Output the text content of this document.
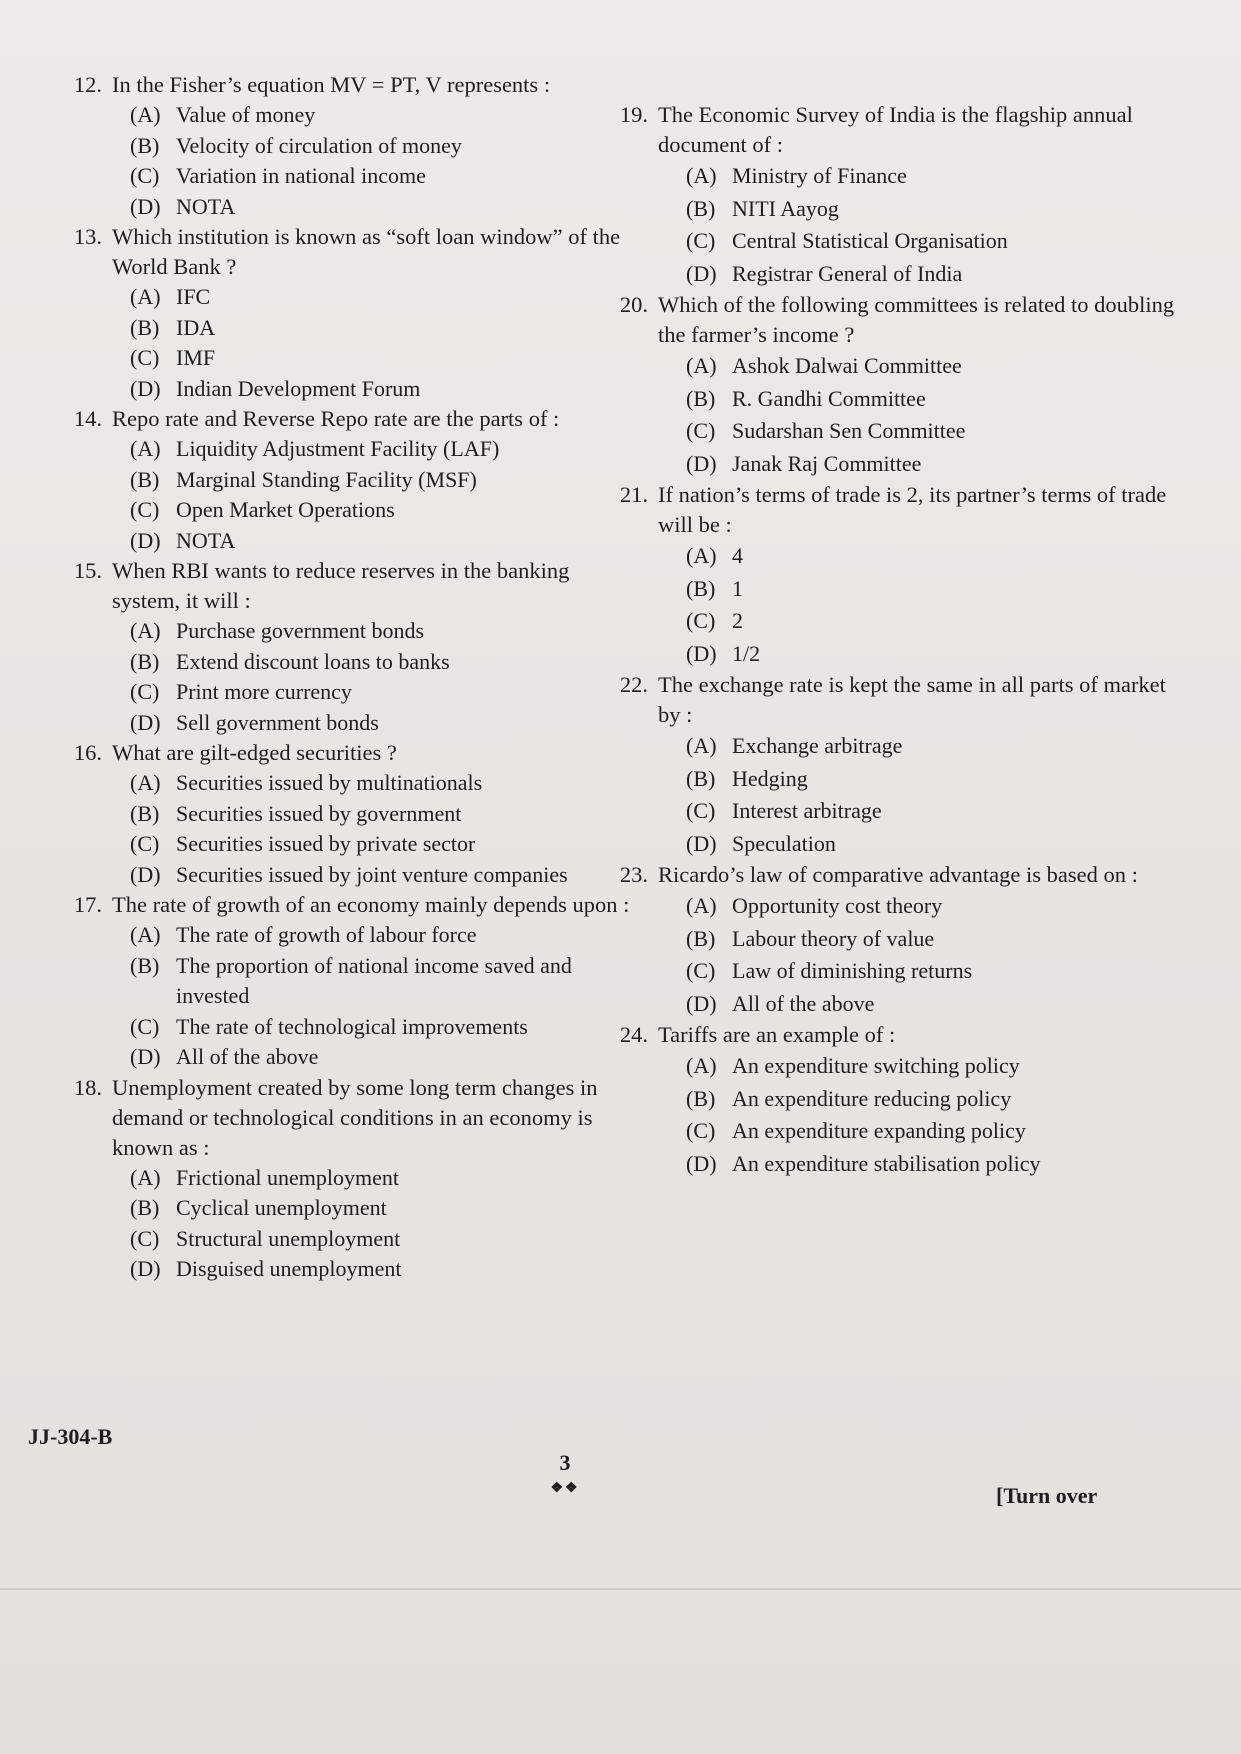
12. In the Fisher’s equation MV = PT, V represents :
(A) Value of money
(B) Velocity of circulation of money
(C) Variation in national income
(D) NOTA
13. Which institution is known as “soft loan window” of the World Bank ?
(A) IFC
(B) IDA
(C) IMF
(D) Indian Development Forum
14. Repo rate and Reverse Repo rate are the parts of :
(A) Liquidity Adjustment Facility (LAF)
(B) Marginal Standing Facility (MSF)
(C) Open Market Operations
(D) NOTA
15. When RBI wants to reduce reserves in the banking system, it will :
(A) Purchase government bonds
(B) Extend discount loans to banks
(C) Print more currency
(D) Sell government bonds
16. What are gilt-edged securities ?
(A) Securities issued by multinationals
(B) Securities issued by government
(C) Securities issued by private sector
(D) Securities issued by joint venture companies
17. The rate of growth of an economy mainly depends upon :
(A) The rate of growth of labour force
(B) The proportion of national income saved and invested
(C) The rate of technological improvements
(D) All of the above
18. Unemployment created by some long term changes in demand or technological conditions in an economy is known as :
(A) Frictional unemployment
(B) Cyclical unemployment
(C) Structural unemployment
(D) Disguised unemployment
19. The Economic Survey of India is the flagship annual document of :
(A) Ministry of Finance
(B) NITI Aayog
(C) Central Statistical Organisation
(D) Registrar General of India
20. Which of the following committees is related to doubling the farmer’s income ?
(A) Ashok Dalwai Committee
(B) R. Gandhi Committee
(C) Sudarshan Sen Committee
(D) Janak Raj Committee
21. If nation’s terms of trade is 2, its partner’s terms of trade will be :
(A) 4
(B) 1
(C) 2
(D) 1/2
22. The exchange rate is kept the same in all parts of market by :
(A) Exchange arbitrage
(B) Hedging
(C) Interest arbitrage
(D) Speculation
23. Ricardo’s law of comparative advantage is based on :
(A) Opportunity cost theory
(B) Labour theory of value
(C) Law of diminishing returns
(D) All of the above
24. Tariffs are an example of :
(A) An expenditure switching policy
(B) An expenditure reducing policy
(C) An expenditure expanding policy
(D) An expenditure stabilisation policy
JJ-304-B
3
❖❖	[Turn over
